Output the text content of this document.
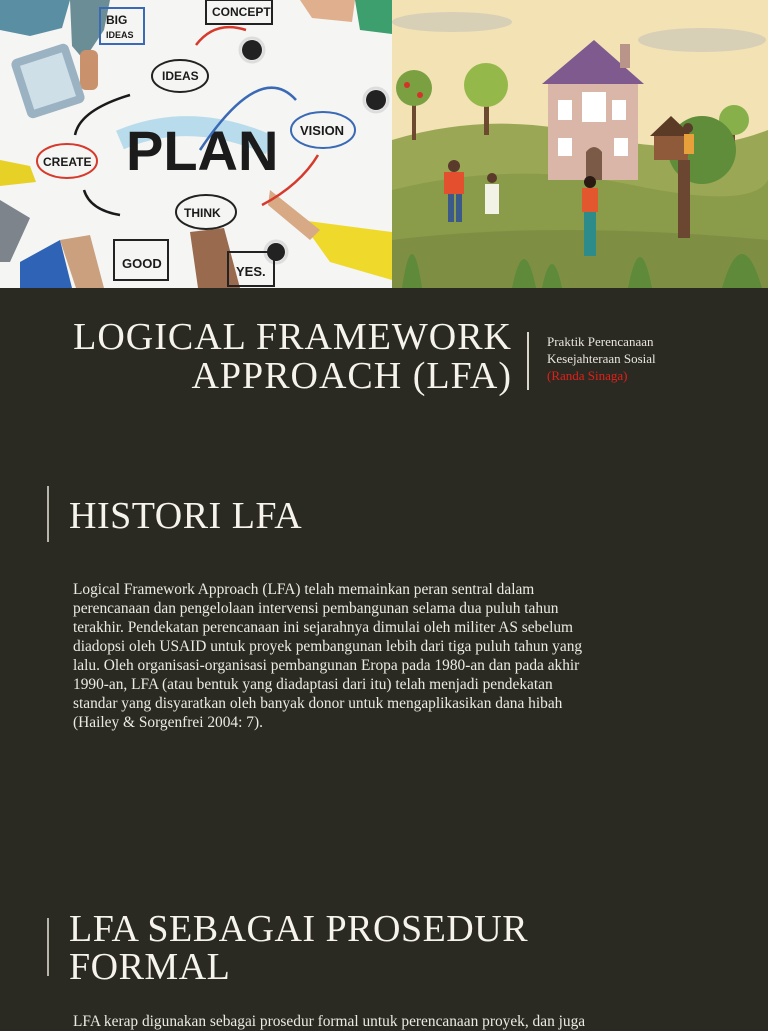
BIG
IDEAS
CONCEPT
IDEAS
VISION
CREATE
THINK
GOOD
YES.
PLAN
LOGICAL FRAMEWORK
APPROACH (LFA)
Praktik Perencanaan
Kesejahteraan Sosial
(Randa Sinaga)
HISTORI LFA
Logical Framework Approach (LFA) telah memainkan peran sentral dalam
perencanaan dan pengelolaan intervensi pembangunan selama dua puluh tahun
terakhir. Pendekatan perencanaan ini sejarahnya dimulai oleh militer AS sebelum
diadopsi oleh USAID untuk proyek pembangunan lebih dari tiga puluh tahun yang
lalu. Oleh organisasi-organisasi pembangunan Eropa pada 1980-an dan pada akhir
1990-an, LFA (atau bentuk yang diadaptasi dari itu) telah menjadi pendekatan
standar yang disyaratkan oleh banyak donor untuk mengaplikasikan dana hibah
(Hailey & Sorgenfrei 2004: 7).
LFA SEBAGAI PROSEDUR
FORMAL
LFA kerap digunakan sebagai prosedur formal untuk perencanaan proyek, dan juga
